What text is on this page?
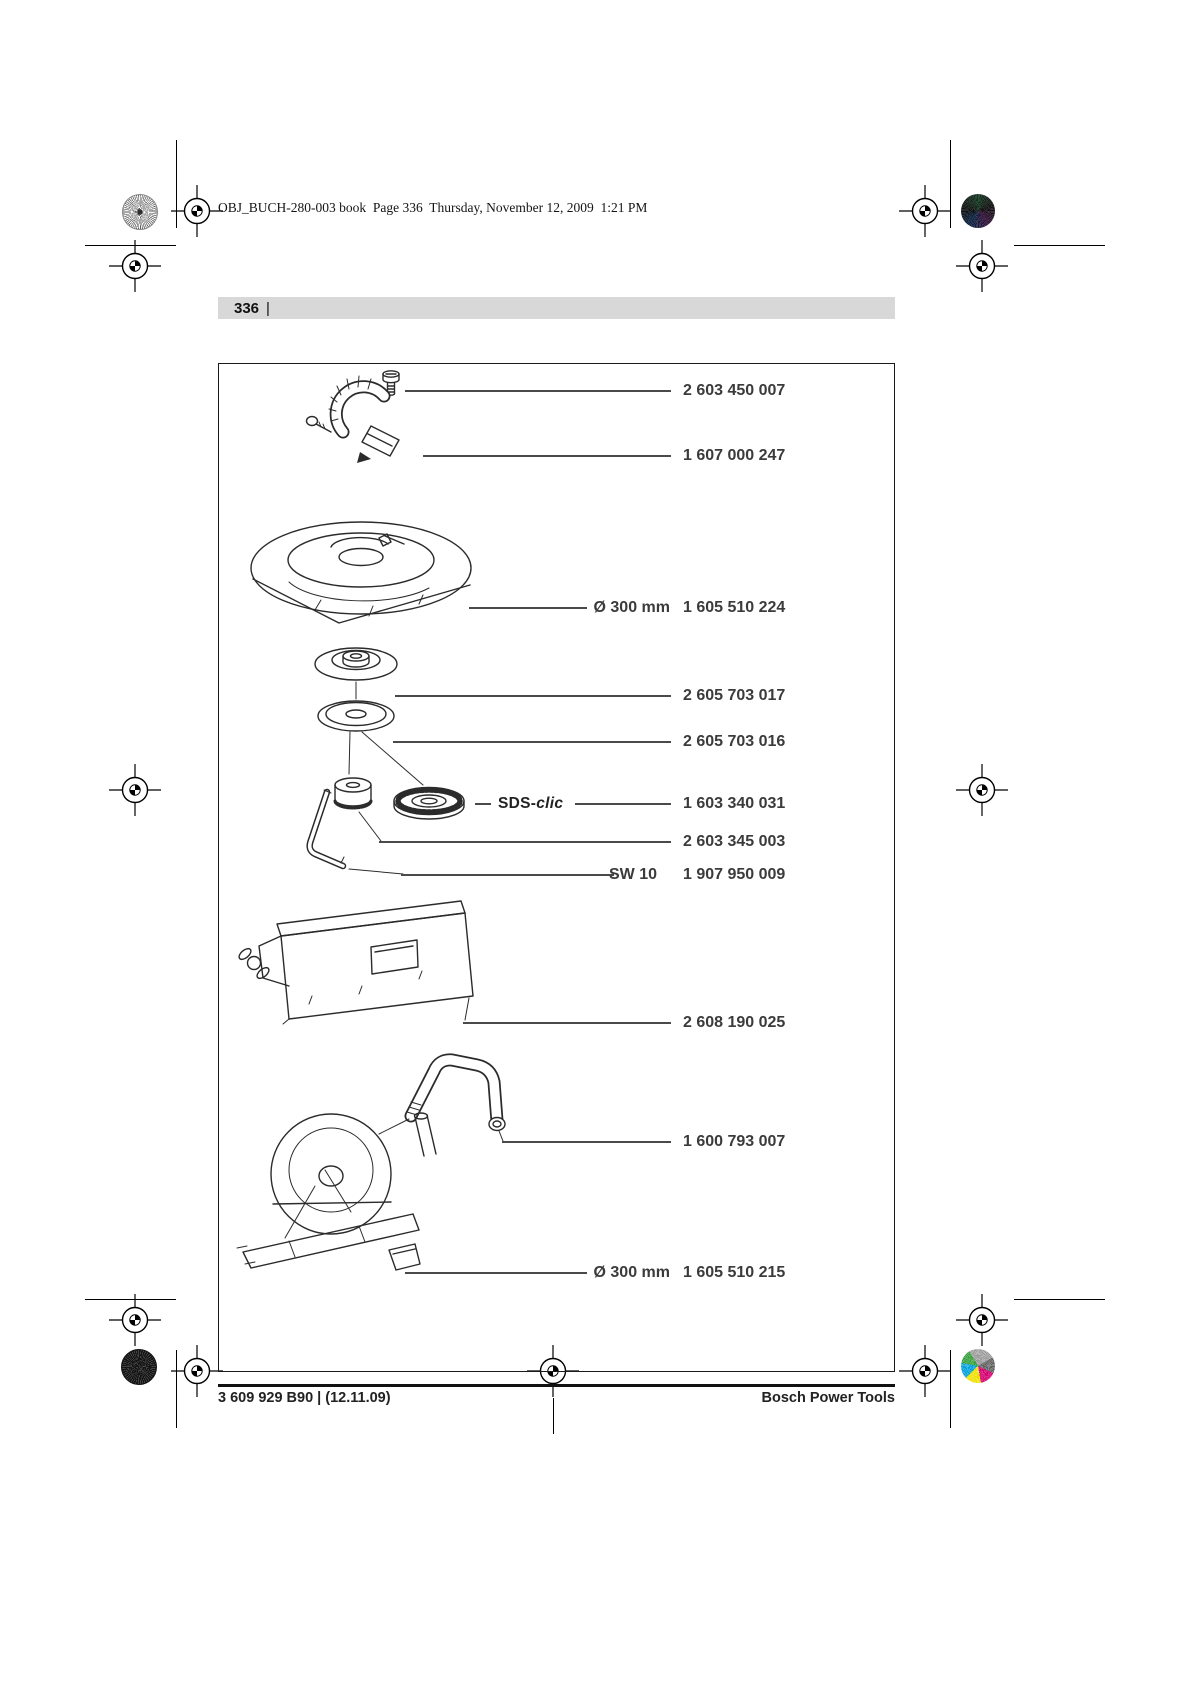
OBJ_BUCH-280-003 book  Page 336  Thursday, November 12, 2009  1:21 PM
336 |
SDS-clic
2 603 450 007
1 607 000 247
Ø 300 mm 1 605 510 224
2 605 703 017
2 605 703 016
1 603 340 031
2 603 345 003
SW 10	1 907 950 009
2 608 190 025
1 600 793 007
Ø 300 mm 1 605 510 215
3 609 929 B90 | (12.11.09)	Bosch Power Tools
